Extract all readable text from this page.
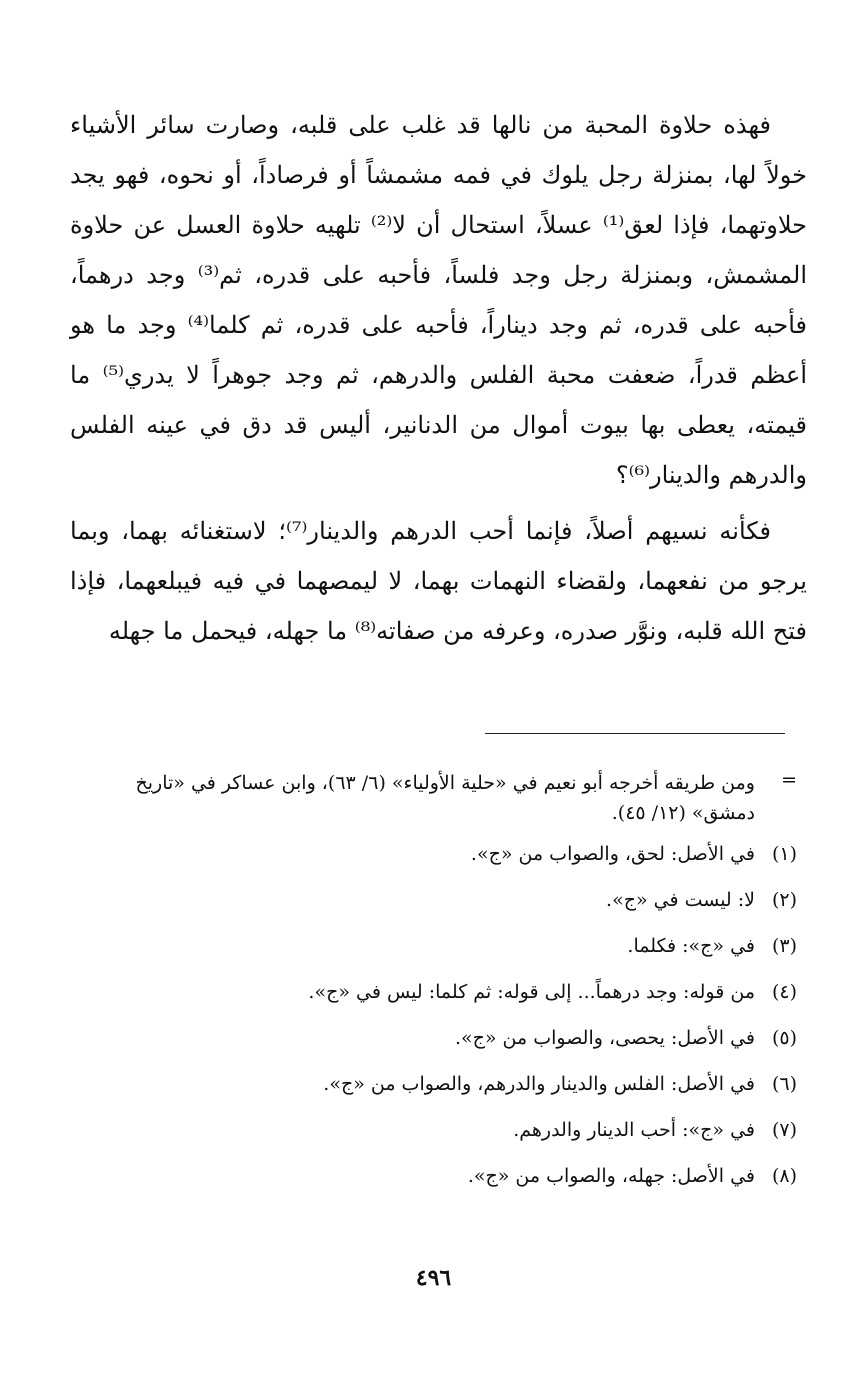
فهذه حلاوة المحبة من نالها قد غلب على قلبه، وصارت سائر الأشياء خولاً لها، بمنزلة رجل يلوك في فمه مشمشاً أو فرصاداً، أو نحوه، فهو يجد حلاوتهما، فإذا لعق⁽¹⁾ عسلاً، استحال أن لا⁽²⁾ تلهيه حلاوة العسل عن حلاوة المشمش، وبمنزلة رجل وجد فلساً، فأحبه على قدره، ثم⁽³⁾ وجد درهماً، فأحبه على قدره، ثم وجد ديناراً، فأحبه على قدره، ثم كلما⁽⁴⁾ وجد ما هو أعظم قدراً، ضعفت محبة الفلس والدرهم، ثم وجد جوهراً لا يدري⁽⁵⁾ ما قيمته، يعطى بها بيوت أموال من الدنانير، أليس قد دق في عينه الفلس والدرهم والدينار⁽⁶⁾؟

فكأنه نسيهم أصلاً، فإنما أحب الدرهم والدينار⁽⁷⁾؛ لاستغنائه بهما، وبما يرجو من نفعهما، ولقضاء النهمات بهما، لا ليمصهما في فيه فيبلعهما، فإذا فتح الله قلبه، ونوَّر صدره، وعرفه من صفاته⁽⁸⁾ ما جهله، فيحمل ما جهله

=
ومن طريقه أخرجه أبو نعيم في «حلية الأولياء» (٦/ ٦٣)، وابن عساكر في «تاريخ دمشق» (١٢/ ٤٥).
(١)
في الأصل: لحق، والصواب من «ج».
(٢)
لا: ليست في «ج».
(٣)
في «ج»: فكلما.
(٤)
من قوله: وجد درهماً... إلى قوله: ثم كلما: ليس في «ج».
(٥)
في الأصل: يحصى، والصواب من «ج».
(٦)
في الأصل: الفلس والدينار والدرهم، والصواب من «ج».
(٧)
في «ج»: أحب الدينار والدرهم.
(٨)
في الأصل: جهله، والصواب من «ج».
٤٩٦
